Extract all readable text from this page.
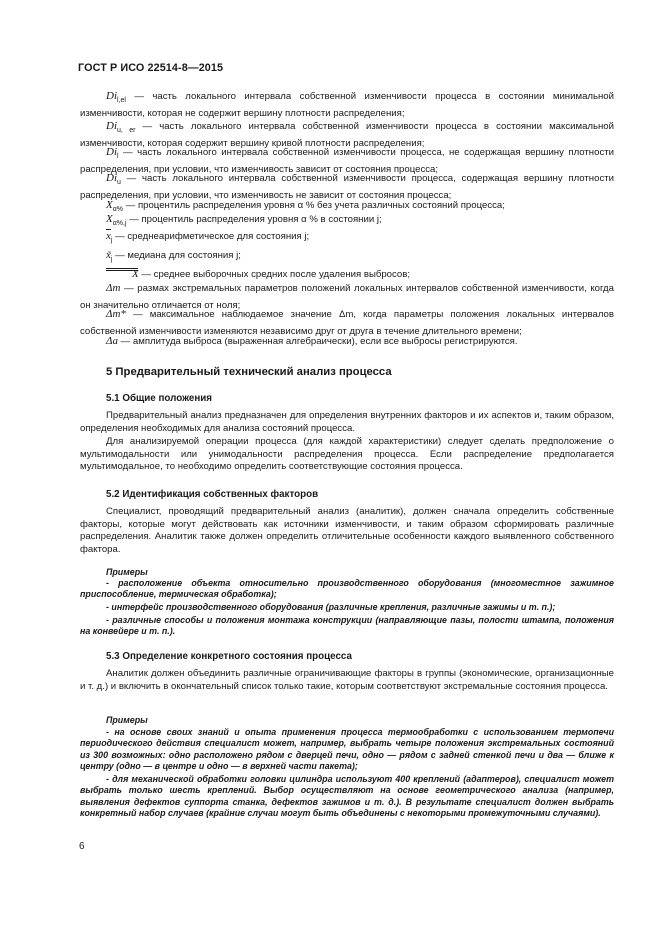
ГОСТ Р ИСО 22514-8—2015
$Di_{l,el}$ — часть локального интервала собственной изменчивости процесса в состоянии минимальной изменчивости, которая не содержит вершину плотности распределения;
$Di_{u, er}$ — часть локального интервала собственной изменчивости процесса в состоянии максимальной изменчивости, которая содержит вершину кривой плотности распределения;
$Di_l$ — часть локального интервала собственной изменчивости процесса, не содержащая вершину плотности распределения, при условии, что изменчивость зависит от состояния процесса;
$Di_u$ — часть локального интервала собственной изменчивости процесса, содержащая вершину плотности распределения, при условии, что изменчивость не зависит от состояния процесса;
$X_{\alpha\%}$ — процентиль распределения уровня α % без учета различных состояний процесса;
$X_{\alpha\%,j}$ — процентиль распределения уровня α % в состоянии j;
$\overline{x}_j$ — среднеарифметическое для состояния j;
$x̃_j$ — медиана для состояния j;
X — среднее выборочных средних после удаления выбросов;
Δm — размах экстремальных параметров положений локальных интервалов собственной изменчивости, когда он значительно отличается от ноля;
Δm* — максимальное наблюдаемое значение Δm, когда параметры положения локальных интервалов собственной изменчивости изменяются независимо друг от друга в течение длительного времени;
Δa — амплитуда выброса (выраженная алгебраически), если все выбросы регистрируются.
5 Предварительный технический анализ процесса
5.1 Общие положения
Предварительный анализ предназначен для определения внутренних факторов и их аспектов и, таким образом, определения необходимых для анализа состояний процесса.
Для анализируемой операции процесса (для каждой характеристики) следует сделать предположение о мультимодальности или унимодальности распределения процесса. Если распределение предполагается мультимодальное, то необходимо определить соответствующие состояния процесса.
5.2 Идентификация собственных факторов
Специалист, проводящий предварительный анализ (аналитик), должен сначала определить собственные факторы, которые могут действовать как источники изменчивости, и таким образом сформировать различные распределения. Аналитик также должен определить отличительные особенности каждого выявленного собственного фактора.
Примеры
- расположение объекта относительно производственного оборудования (многоместное зажимное приспособление, термическая обработка);
- интерфейс производственного оборудования (различные крепления, различные зажимы и т. п.);
- различные способы и положения монтажа конструкции (направляющие пазы, полости штампа, положения на конвейере и т. п.).
5.3 Определение конкретного состояния процесса
Аналитик должен объединить различные ограничивающие факторы в группы (экономические, организационные и т. д.) и включить в окончательный список только такие, которым соответствуют экстремальные состояния процесса.
Примеры
- на основе своих знаний и опыта применения процесса термообработки с использованием термопечи периодического действия специалист может, например, выбрать четыре положения экстремальных состояний из 300 возможных: одно расположено рядом с дверцей печи, одно — рядом с задней стенкой печи и два — ближе к центру (одно — в центре и одно — в верхней части пакета);
- для механической обработки головки цилиндра используют 400 креплений (адаптеров), специалист может выбрать только шесть креплений. Выбор осуществляют на основе геометрического анализа (например, выявления дефектов суппорта станка, дефектов зажимов и т. д.). В результате специалист должен выбрать конкретный набор случаев (крайние случаи могут быть объединены с некоторыми промежуточными случаями).
6
